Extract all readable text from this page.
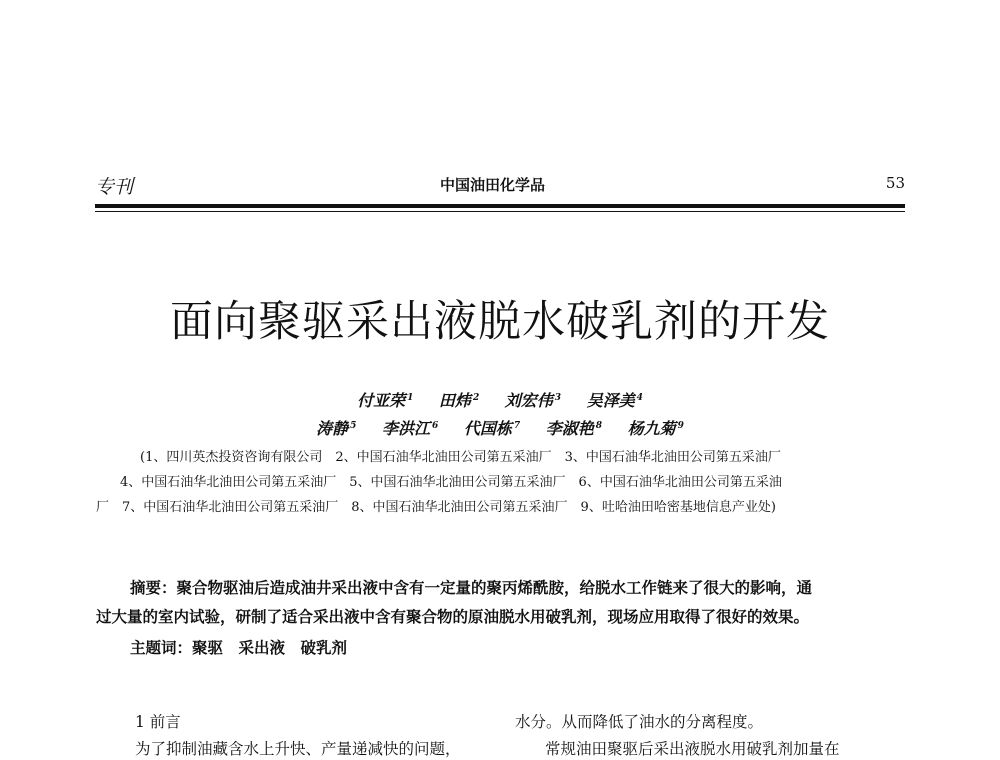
专刊	中国油田化学品	53
面向聚驱采出液脱水破乳剂的开发
付亚荣 $^1$ 田炜 $^2$ 刘宏伟 $^3$ 吴泽美 $^4$
涛静 $^5$ 李洪江 $^6$ 代国栋 $^7$ 李淑艳 $^8$ 杨九菊 $^9$
(1、四川英杰投资咨询有限公司　2、中国石油华北油田公司第五采油厂　3、中国石油华北油田公司第五采油厂
4、中国石油华北油田公司第五采油厂　5、中国石油华北油田公司第五采油厂　6、中国石油华北油田公司第五采油
厂　7、中国石油华北油田公司第五采油厂　8、中国石油华北油田公司第五采油厂　9、吐哈油田哈密基地信息产业处)
摘要：聚合物驱油后造成油井采出液中含有一定量的聚丙烯酰胺，给脱水工作链来了很大的影响，通
过大量的室内试验，研制了适合采出液中含有聚合物的原油脱水用破乳剂，现场应用取得了很好的效果。
主题词：聚驱　采出液　破乳剂
1 前言
为了抑制油藏含水上升快、产量递减快的问题，
水分。从而降低了油水的分离程度。
常规油田聚驱后采出液脱水用破乳剂加量在
